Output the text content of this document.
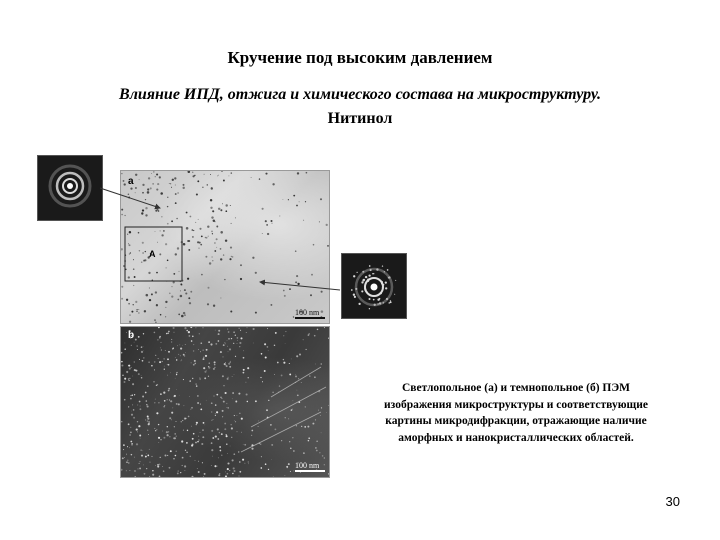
Кручение под высоким давлением
Влияние ИПД, отжига и химического состава на микроструктуру.
Нитинол
a
A
100 nm
b
100 nm
Светлопольное (а) и темнопольное (б) ПЭМ
изображения микроструктуры и соответствующие
картины микродифракции, отражающие наличие
аморфных и нанокристаллических областей.
30
